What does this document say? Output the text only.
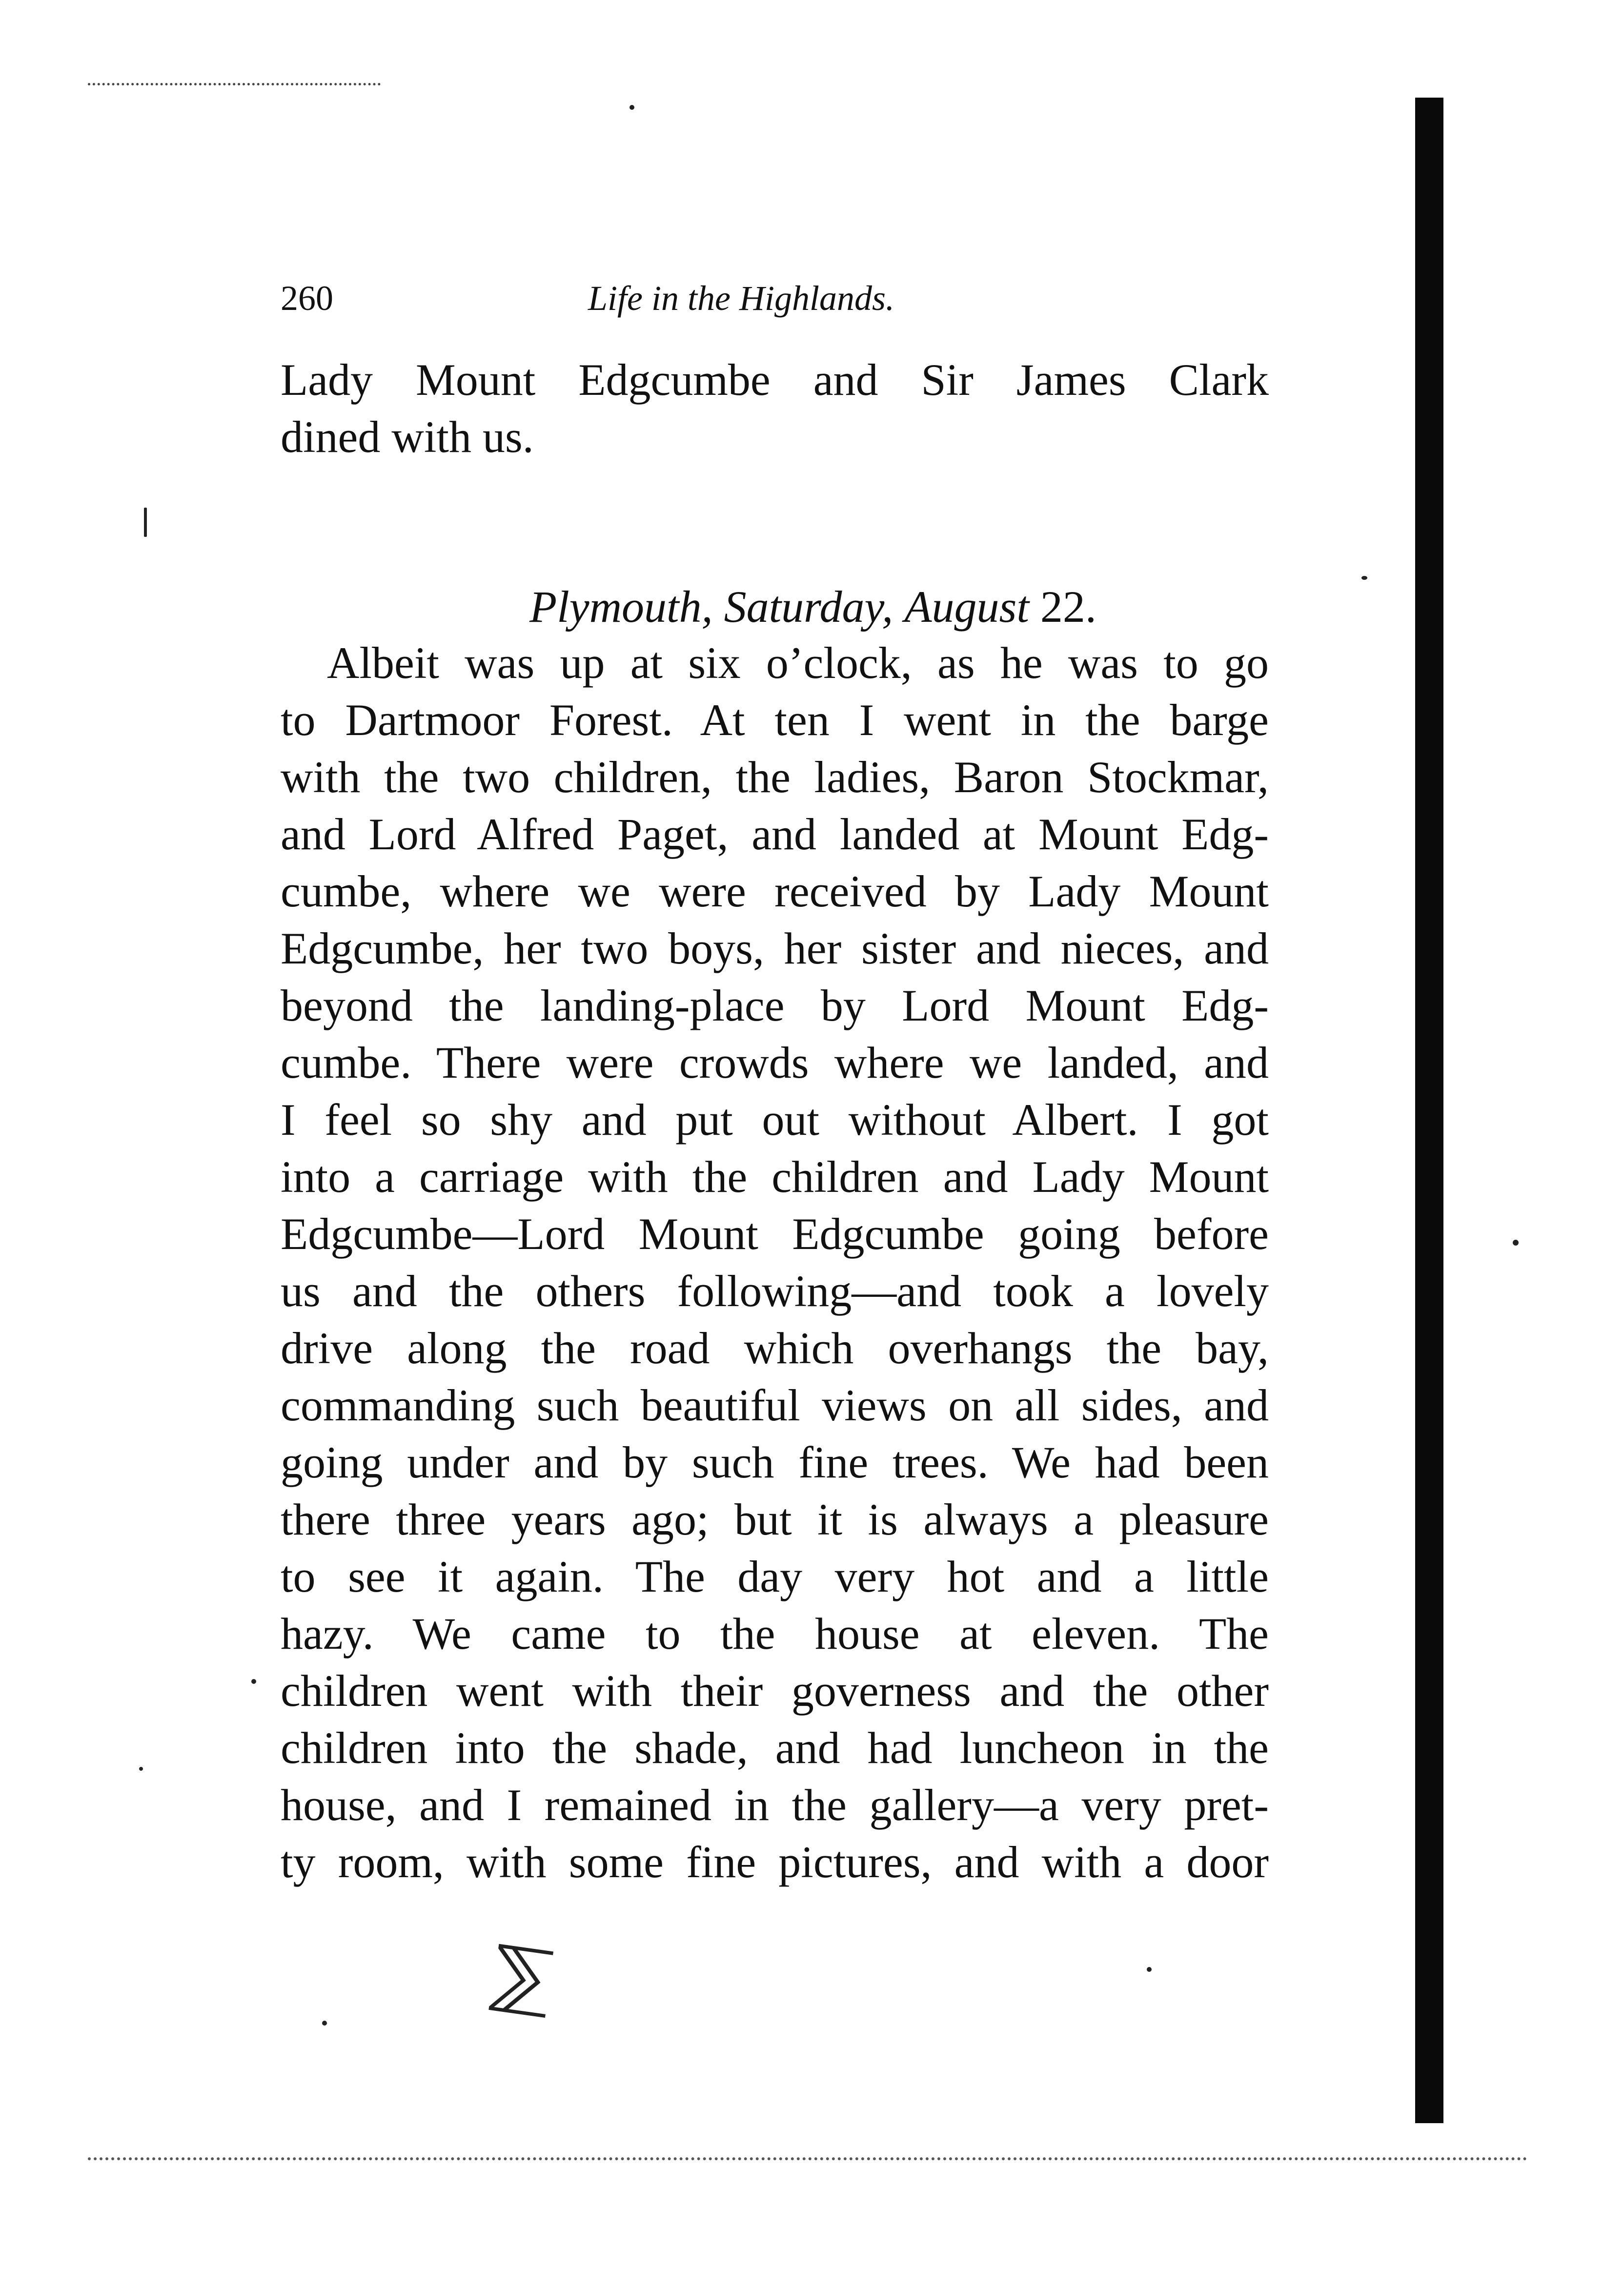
260	Life in the Highlands.
Lady Mount Edgcumbe and Sir James Clark
dined with us.
Plymouth, Saturday, August 22.
Albeit was up at six o’clock, as he was to go
to Dartmoor Forest. At ten I went in the barge
with the two children, the ladies, Baron Stockmar,
and Lord Alfred Paget, and landed at Mount Edg-
cumbe, where we were received by Lady Mount
Edgcumbe, her two boys, her sister and nieces, and
beyond the landing-place by Lord Mount Edg-
cumbe. There were crowds where we landed, and
I feel so shy and put out without Albert. I got
into a carriage with the children and Lady Mount
Edgcumbe—Lord Mount Edgcumbe going before
us and the others following—and took a lovely
drive along the road which overhangs the bay,
commanding such beautiful views on all sides, and
going under and by such fine trees. We had been
there three years ago; but it is always a pleasure
to see it again. The day very hot and a little
hazy. We came to the house at eleven. The
children went with their governess and the other
children into the shade, and had luncheon in the
house, and I remained in the gallery—a very pret-
ty room, with some fine pictures, and with a door
⅀
